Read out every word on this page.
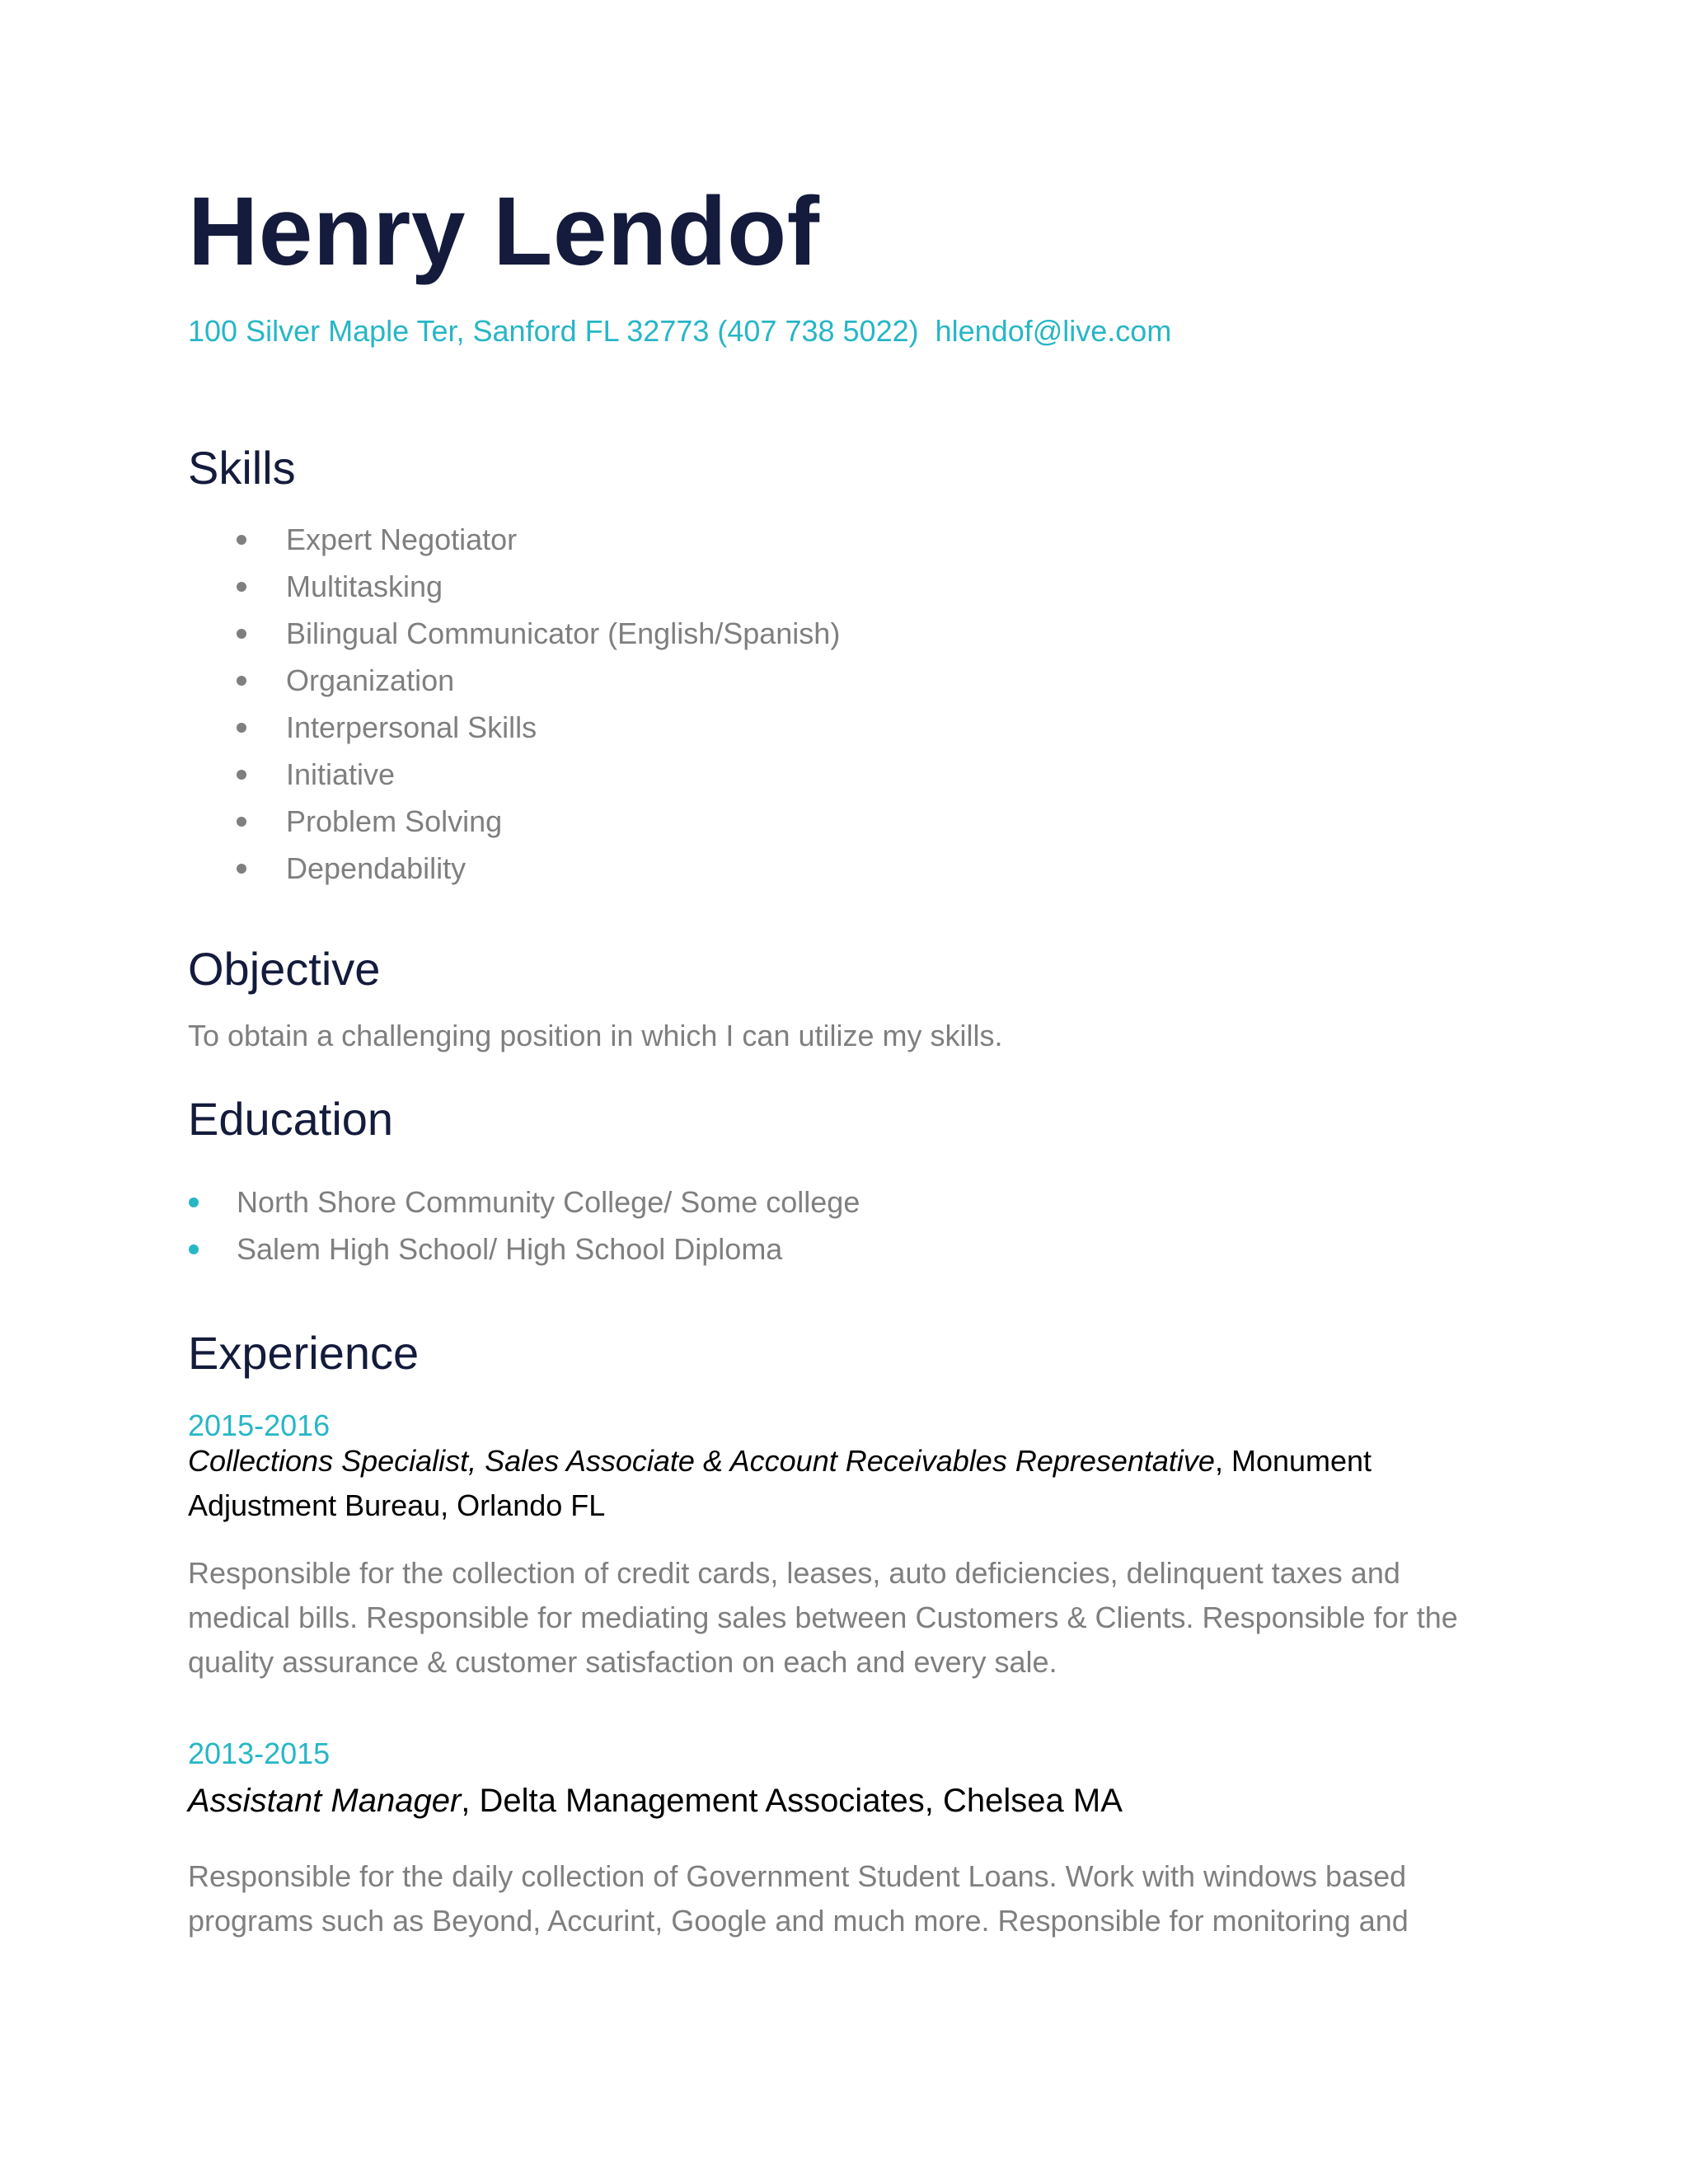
Henry Lendof
100 Silver Maple Ter, Sanford FL 32773 (407 738 5022) hlendof@live.com
Skills
Expert Negotiator
Multitasking
Bilingual Communicator (English/Spanish)
Organization
Interpersonal Skills
Initiative
Problem Solving
Dependability
Objective
To obtain a challenging position in which I can utilize my skills.
Education
North Shore Community College/ Some college
Salem High School/ High School Diploma
Experience
2015-2016
Collections Specialist, Sales Associate & Account Receivables Representative, Monument Adjustment Bureau, Orlando FL
Responsible for the collection of credit cards, leases, auto deficiencies, delinquent taxes and medical bills. Responsible for mediating sales between Customers & Clients. Responsible for the quality assurance & customer satisfaction on each and every sale.
2013-2015
Assistant Manager, Delta Management Associates, Chelsea MA
Responsible for the daily collection of Government Student Loans. Work with windows based programs such as Beyond, Accurint, Google and much more. Responsible for monitoring and
